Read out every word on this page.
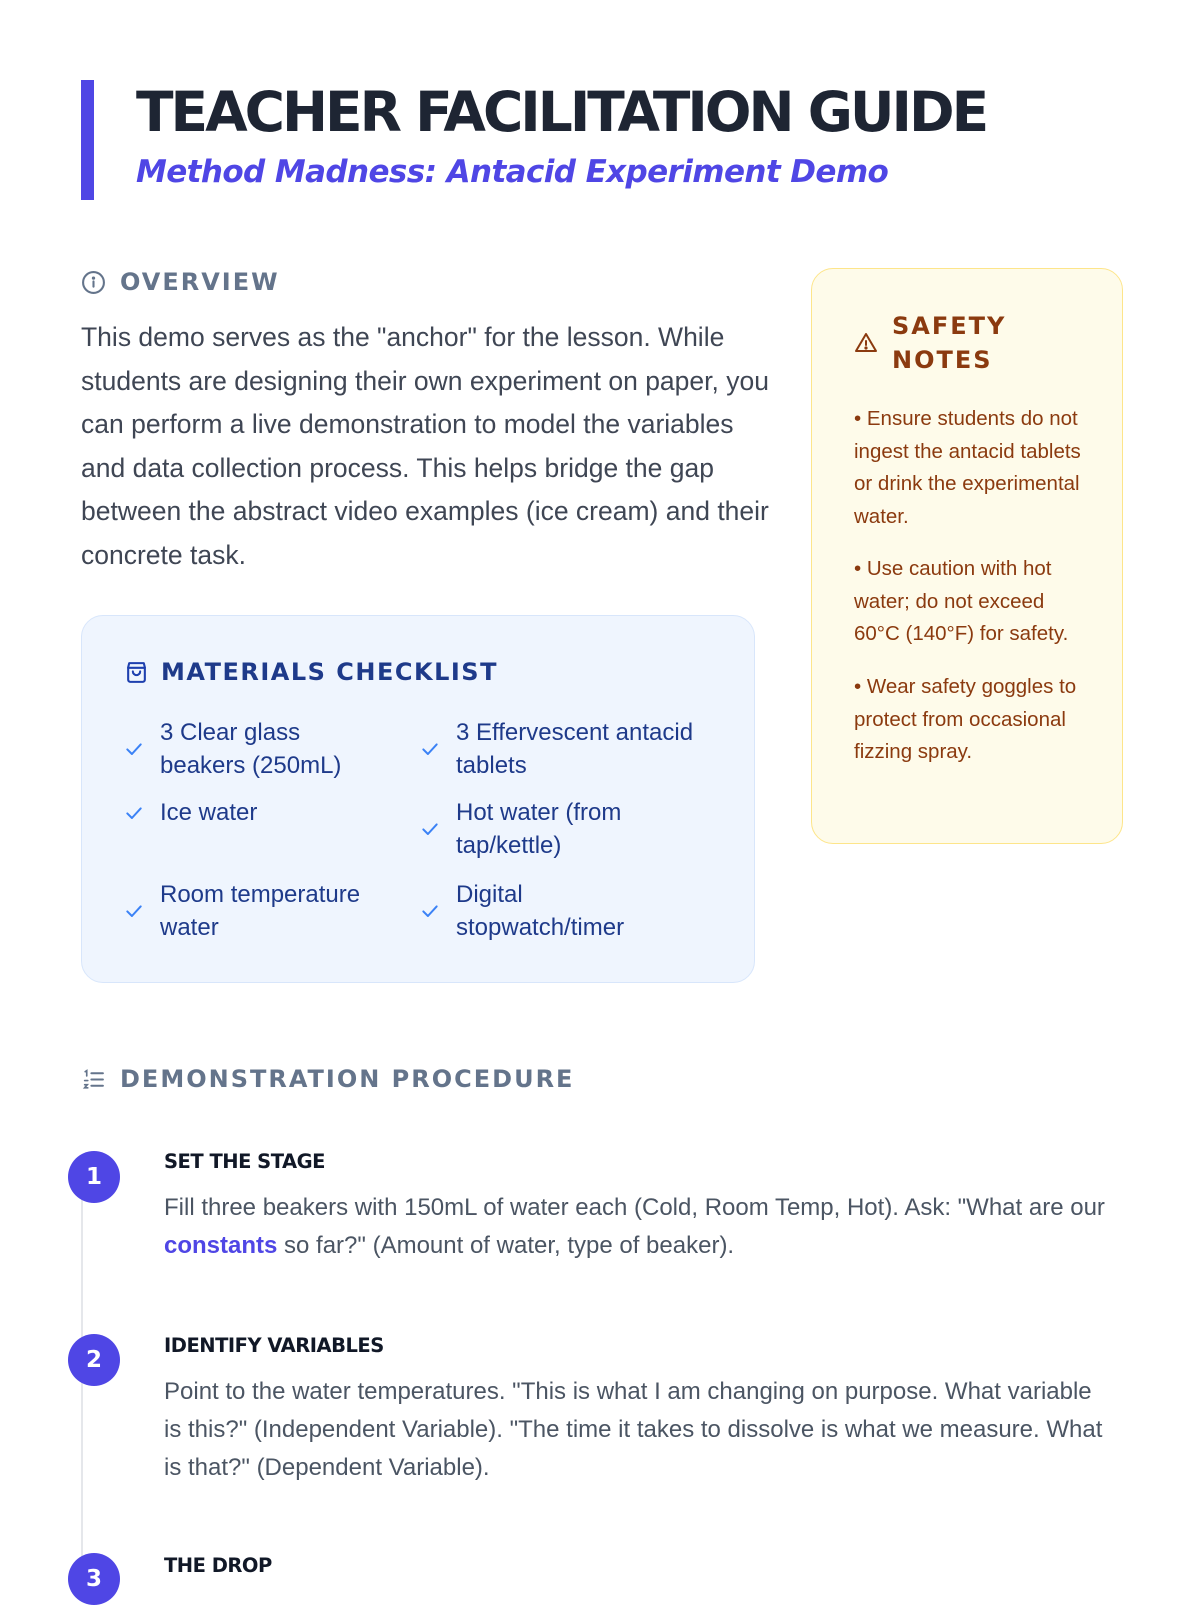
TEACHER FACILITATION GUIDE
Method Madness: Antacid Experiment Demo
OVERVIEW
This demo serves as the "anchor" for the lesson. While students are designing their own experiment on paper, you can perform a live demonstration to model the variables and data collection process. This helps bridge the gap between the abstract video examples (ice cream) and their concrete task.
MATERIALS CHECKLIST
3 Clear glass beakers (250mL)
3 Effervescent antacid tablets
Ice water	Hot water (from tap/kettle)
Room temperature water
Digital stopwatch/timer
SAFETY NOTES
• Ensure students do not ingest the antacid tablets or drink the experimental water.
• Use caution with hot water; do not exceed 60°C (140°F) for safety.
• Wear safety goggles to protect from occasional fizzing spray.
DEMONSTRATION PROCEDURE
1
SET THE STAGE
Fill three beakers with 150mL of water each (Cold, Room Temp, Hot). Ask: "What are our constants so far?" (Amount of water, type of beaker).
2
IDENTIFY VARIABLES
Point to the water temperatures. "This is what I am changing on purpose. What variable is this?" (Independent Variable). "The time it takes to dissolve is what we measure. What is that?" (Dependent Variable).
3
THE DROP
